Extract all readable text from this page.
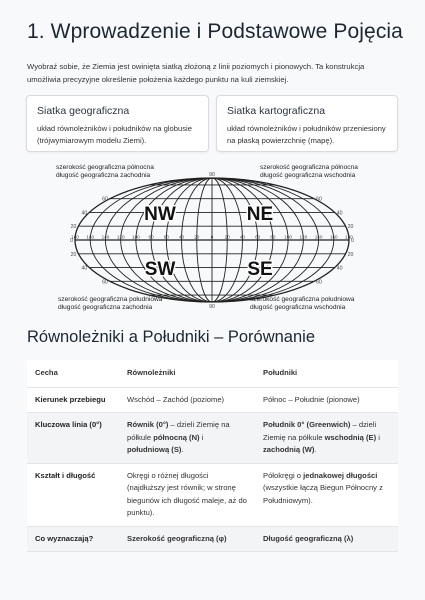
1. Wprowadzenie i Podstawowe Pojęcia

Wyobraź sobie, że Ziemia jest owinięta siatką złożoną z linii poziomych i pionowych. Ta konstrukcja umożliwia precyzyjne określenie położenia każdego punktu na kuli ziemskiej.

Siatka geograficzna
układ równoleżników i południków na globusie (trójwymiarowym modelu Ziemi).
Siatka kartograficzna
układ równoleżników i południków przeniesiony na płaską powierzchnię (mapę).
szerokość geograficzna północna
długość geograficzna zachodnia
szerokość geograficzna północna
długość geograficzna wschodnia
szerokość geograficzna południowa
długość geograficzna zachodnia
szerokość geograficzna południowa
długość geograficzna wschodnia
60	60
40	40
20	20
0	0
20	20
40	40
60	60
90
90
180 160 140 120 100 80 60 40 20 0 20 40 60 80 100 120 140 160 180
NW	NE
SW	SE
Równoleżniki a Południki – Porównanie
Cecha	Równoleżniki	Południki
Kierunek przebiegu	Wschód – Zachód (poziome)	Północ – Południe (pionowe)
Kluczowa linia (0°)	Równik (0°) – dzieli Ziemię na półkule północną (N) i południową (S).	Południk 0° (Greenwich) – dzieli Ziemię na półkule wschodnią (E) i zachodnią (W).
Kształt i długość	Okręgi o różnej długości (najdłuższy jest równik; w stronę biegunów ich długość maleje, aż do punktu).	Półokręgi o jednakowej długości (wszystkie łączą Biegun Północny z Południowym).
Co wyznaczają?	Szerokość geograficzną (φ)	Długość geograficzną (λ)
